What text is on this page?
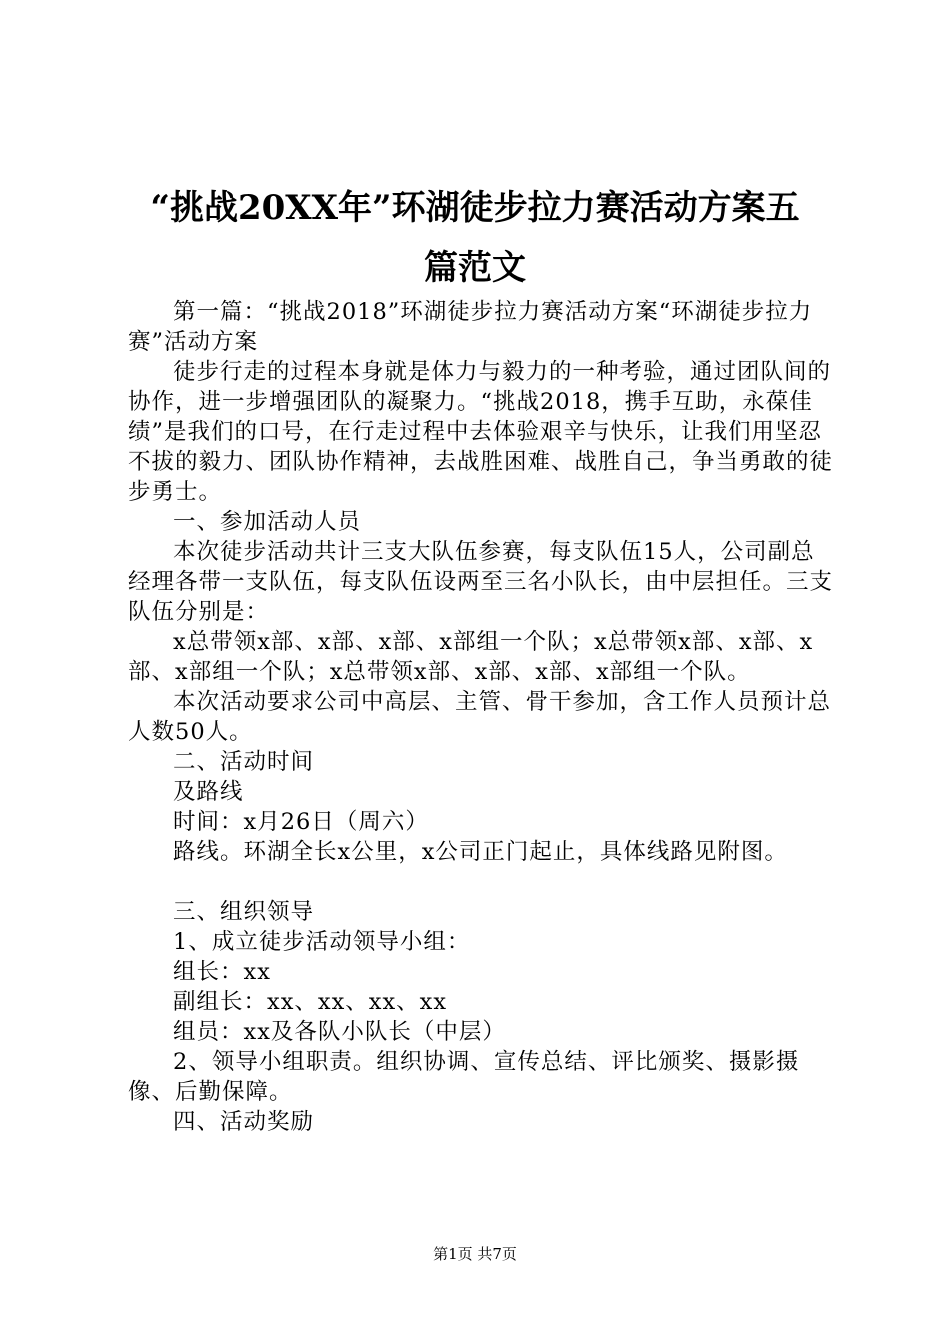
“挑战20XX年”环湖徒步拉力赛活动方案五
篇范文

第一篇：“挑战2018”环湖徒步拉力赛活动方案“环湖徒步拉力赛”活动方案

徒步行走的过程本身就是体力与毅力的一种考验，通过团队间的协作，进一步增强团队的凝聚力。“挑战2018，携手互助，永葆佳绩”是我们的口号，在行走过程中去体验艰辛与快乐，让我们用坚忍不拔的毅力、团队协作精神，去战胜困难、战胜自己，争当勇敢的徒步勇士。

一、参加活动人员

本次徒步活动共计三支大队伍参赛，每支队伍15人，公司副总经理各带一支队伍，每支队伍设两至三名小队长，由中层担任。三支队伍分别是：

x总带领x部、x部、x部、x部组一个队；x总带领x部、x部、x部、x部组一个队；x总带领x部、x部、x部、x部组一个队。

本次活动要求公司中高层、主管、骨干参加，含工作人员预计总人数50人。

二、活动时间

及路线

时间：x月26日（周六）

路线。环湖全长x公里，x公司正门起止，具体线路见附图。

三、组织领导

1、成立徒步活动领导小组：

组长：xx

副组长：xx、xx、xx、xx

组员：xx及各队小队长（中层）

2、领导小组职责。组织协调、宣传总结、评比颁奖、摄影摄像、后勤保障。

四、活动奖励

第1页 共7页
